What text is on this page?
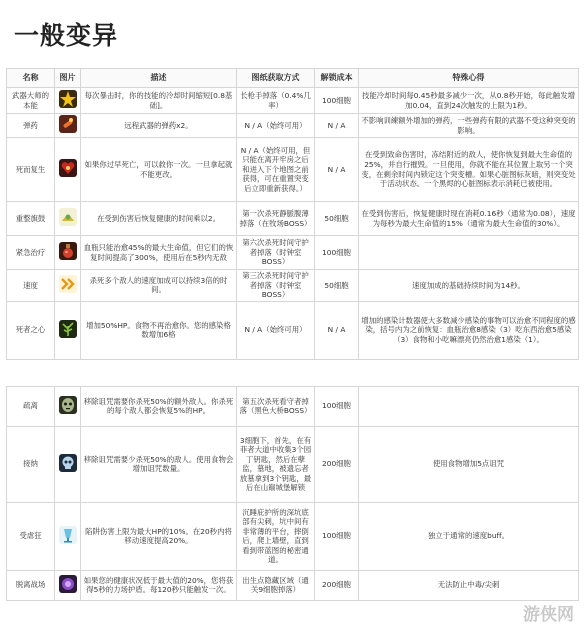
一般变异
名称	图片	描述	图纸获取方式	解锁成本	特殊心得
武器大师的本能		每次暴击时，你的技能的冷却时间缩短[0.8基础]。	长枪手掉落（0.4%几率）	100细胞	技能冷却时间每0.45秒最多减少一次，从0.8秒开始，每此触发增加0.04，直到24次触发的上限为1秒。
弹药		远程武器的弹药x2。	N / A（始终可用）	N / A	不影响训練额外增加的弹药，一些弹药有限的武器不受这种突变的影响。
死而复生		如果你过早死亡，可以救你一次。一旦拿起就不能更改。	N / A（始终可用，但只能在离开牢房之后和进入下个地图之前获得，可在重置突变后立即重新获得。）	N / A	在受到致命伤害时，冻结附近的敌人，使你恢复到最大生命值的25%，并自行摧毁。一旦使用，你就不能在其位置上取另一个突变，在剩余时间内锁定这个突变槽。如果心脏图标灰暗，则突变处于活动状态。一个黑烬的心脏图标表示消耗已被使用。
重整旗鼓		在受到伤害后恢复健康的时间乘以2。	第一次杀死静脈腹薄掉落（在牧场BOSS）	50细胞	在受到伤害后，恢复健康时现在消耗0.16秒（通常为0.08），速度为每秒为最大生命值的15%（通常为最大生命值的30%）。
紧急治疗		血瓶只能治愈45%的最大生命值，但它们的恢复时间提高了300%，使用后在5秒内无敌	第六次杀死时间守护者掉落（时钟室BOSS）	100细胞	
速度		杀死多个敌人的速度加成可以持续3倍的时间。	第三次杀死时间守护者掉落（时钟室BOSS）	50细胞	速度加成的基础持续时间为14秒。
死者之心		增加50%HP。食物不再治愈你。您的感染格数增加6格	N / A（始终可用）	N / A	增加的感染计数器使大多数减少感染的事物可以治愈不同程度的感染，括号内为之前恢复：血瓶治愈8感染（3）吃东西治愈5感染（3）食物和小吃嘛漂亮仍然治愈1感染（1）。

疏离		移除诅咒需要你杀死50%的额外敌人。你杀死的每个敌人都会恢复5%的HP。	第五次杀死看守者掉落（黑色大桥BOSS）	100细胞	
接纳		移除诅咒需要少杀死50%的敌人。使用食物会增加诅咒数量。	3细胞下，首先，在有菲者大道中收集3个园丁钥匙，然后在孽监，墓地，被遗忘者放墓拿到3个钥匙，最后在山巅城堡解锁	200细胞	使用食物增加5点诅咒
受虐狂		陷阱伤害上限为最大HP的10%。在20秒内将移动速度提高20%。	沉睡庇护所的深坑底部有尖刺，坑中间有非常薄的平台，摔倒后，爬上墙壁，直到看到带蓝图的秘密通道。	100细胞	独立于通常的速度buff。
脱离战场		如果您的健康状况低于最大值的20%，您将获得5秒的力场护盾。每120秒只能触发一次。	出生点隐藏区域（通关9细胞掉落）	200细胞	无法防止中毒/尖刺
游侠网
